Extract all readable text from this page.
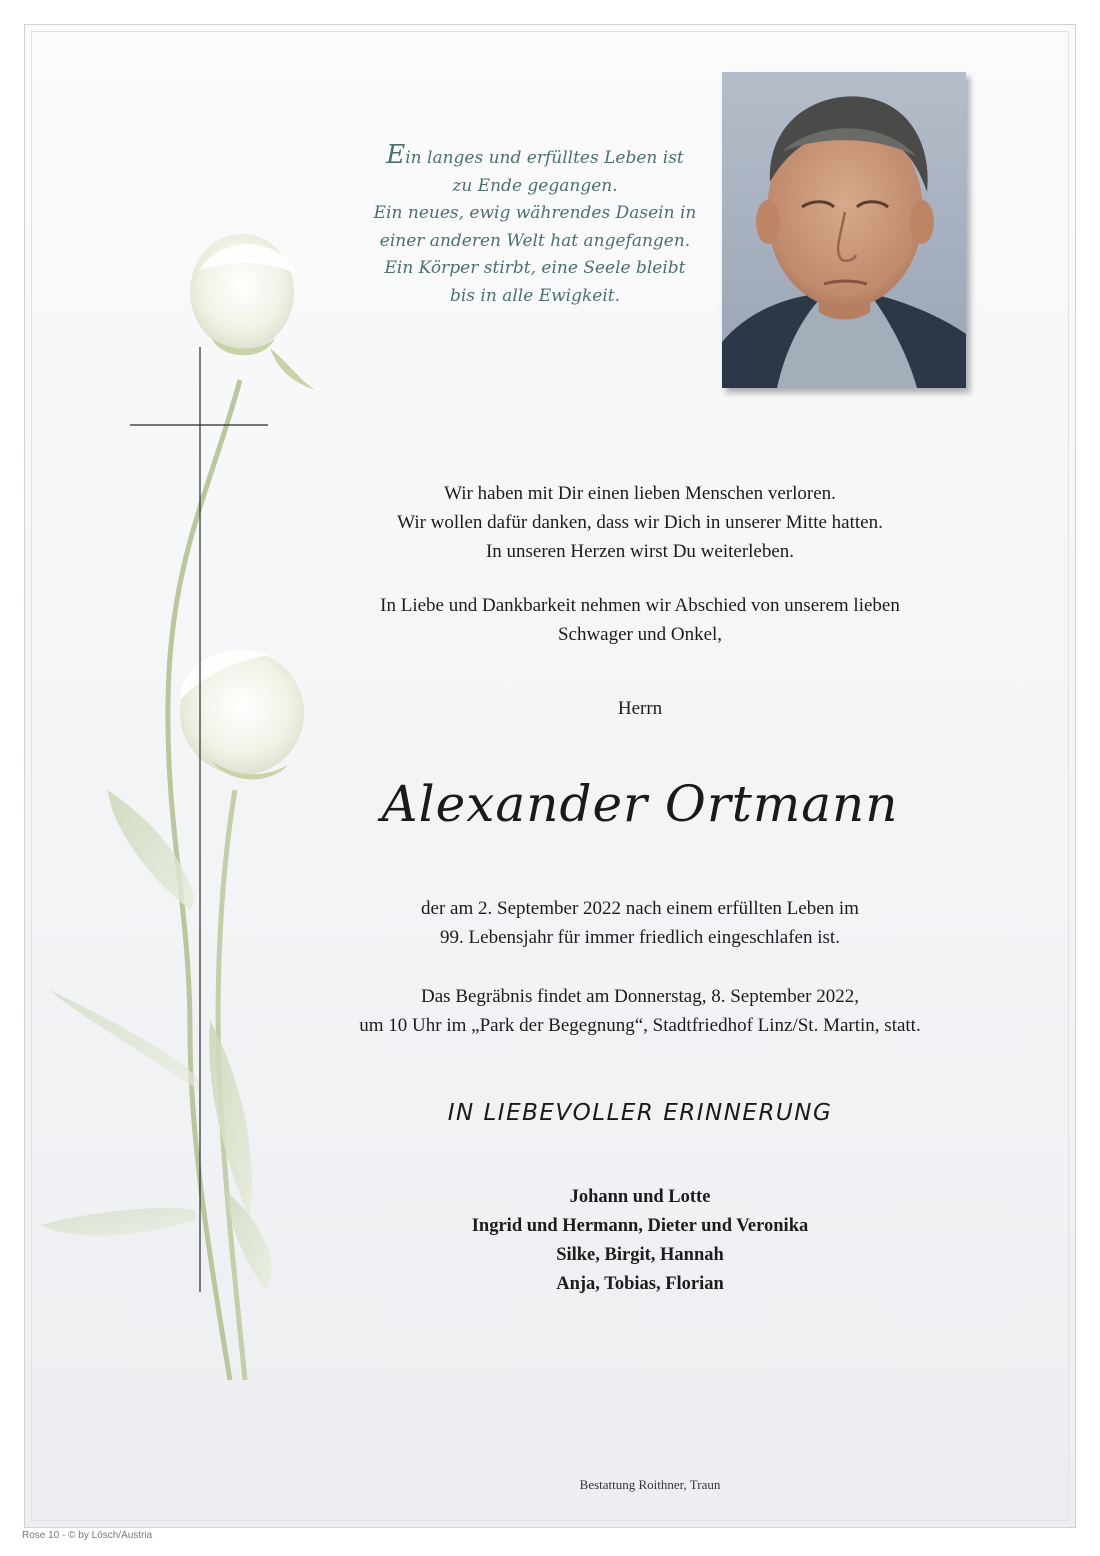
Ein langes und erfülltes Leben ist
zu Ende gegangen.
Ein neues, ewig währendes Dasein in
einer anderen Welt hat angefangen.
Ein Körper stirbt, eine Seele bleibt
bis in alle Ewigkeit.
Wir haben mit Dir einen lieben Menschen verloren.
Wir wollen dafür danken, dass wir Dich in unserer Mitte hatten.
In unseren Herzen wirst Du weiterleben.
In Liebe und Dankbarkeit nehmen wir Abschied von unserem lieben
Schwager und Onkel,
Herrn
Alexander Ortmann
der am 2. September 2022 nach einem erfüllten Leben im
99. Lebensjahr für immer friedlich eingeschlafen ist.
Das Begräbnis findet am Donnerstag, 8. September 2022,
um 10 Uhr im „Park der Begegnung“, Stadtfriedhof Linz/St. Martin, statt.
IN LIEBEVOLLER ERINNERUNG
Johann und Lotte
Ingrid und Hermann, Dieter und Veronika
Silke, Birgit, Hannah
Anja, Tobias, Florian
Bestattung Roithner, Traun
Rose 10 - © by Lösch/Austria
